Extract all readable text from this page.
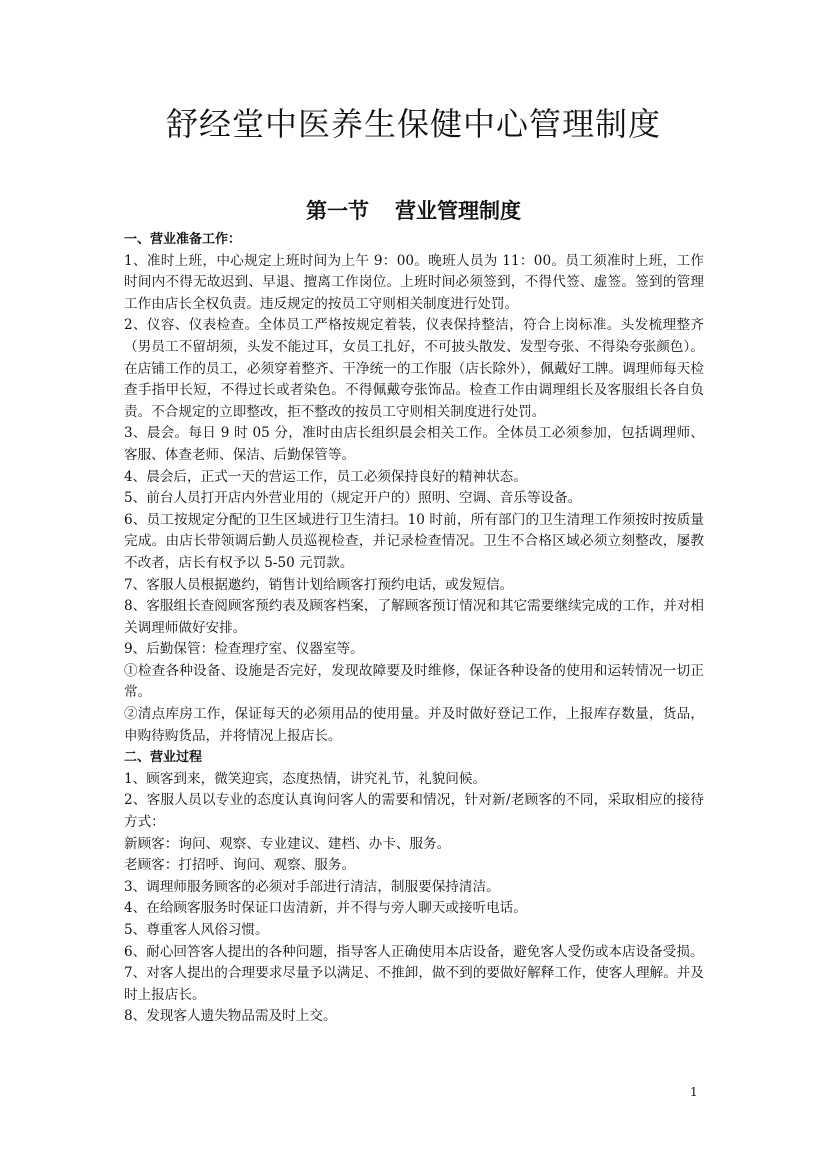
舒经堂中医养生保健中心管理制度
第一节 营业管理制度

一、营业准备工作：

1、准时上班，中心规定上班时间为上午 9：00。晚班人员为 11：00。员工须准时上班，工作时间内不得无故迟到、早退、擅离工作岗位。上班时间必须签到，不得代签、虚签。签到的管理工作由店长全权负责。违反规定的按员工守则相关制度进行处罚。

2、仪容、仪表检查。全体员工严格按规定着装，仪表保持整洁，符合上岗标准。头发梳理整齐（男员工不留胡须，头发不能过耳，女员工扎好，不可披头散发、发型夸张、不得染夸张颜色）。在店铺工作的员工，必须穿着整齐、干净统一的工作服（店长除外），佩戴好工牌。调理师每天检查手指甲长短，不得过长或者染色。不得佩戴夸张饰品。检查工作由调理组长及客服组长各自负责。不合规定的立即整改，拒不整改的按员工守则相关制度进行处罚。

3、晨会。每日 9 时 05 分，准时由店长组织晨会相关工作。全体员工必须参加，包括调理师、客服、体查老师、保洁、后勤保管等。

4、晨会后，正式一天的营运工作，员工必须保持良好的精神状态。

5、前台人员打开店内外营业用的（规定开户的）照明、空调、音乐等设备。

6、员工按规定分配的卫生区域进行卫生清扫。10 时前，所有部门的卫生清理工作须按时按质量完成。由店长带领调后勤人员巡视检查，并记录检查情况。卫生不合格区域必须立刻整改，屡教不改者，店长有权予以 5-50 元罚款。

7、客服人员根据邀约，销售计划给顾客打预约电话，或发短信。

8、客服组长查阅顾客预约表及顾客档案，了解顾客预订情况和其它需要继续完成的工作，并对相关调理师做好安排。

9、后勤保管：检查理疗室、仪器室等。

①检查各种设备、设施是否完好，发现故障要及时维修，保证各种设备的使用和运转情况一切正常。

②清点库房工作，保证每天的必须用品的使用量。并及时做好登记工作，上报库存数量，货品，申购待购货品，并将情况上报店长。

二、营业过程

1、顾客到来，微笑迎宾，态度热情，讲究礼节，礼貌问候。

2、客服人员以专业的态度认真询问客人的需要和情况，针对新/老顾客的不同，采取相应的接待方式：

新顾客：询问、观察、专业建议、建档、办卡、服务。

老顾客：打招呼、询问、观察、服务。

3、调理师服务顾客的必须对手部进行清洁，制服要保持清洁。

4、在给顾客服务时保证口齿清新，并不得与旁人聊天或接听电话。

5、尊重客人风俗习惯。

6、耐心回答客人提出的各种问题，指导客人正确使用本店设备，避免客人受伤或本店设备受损。

7、对客人提出的合理要求尽量予以满足、不推卸，做不到的要做好解释工作，使客人理解。并及时上报店长。

8、发现客人遗失物品需及时上交。

1
